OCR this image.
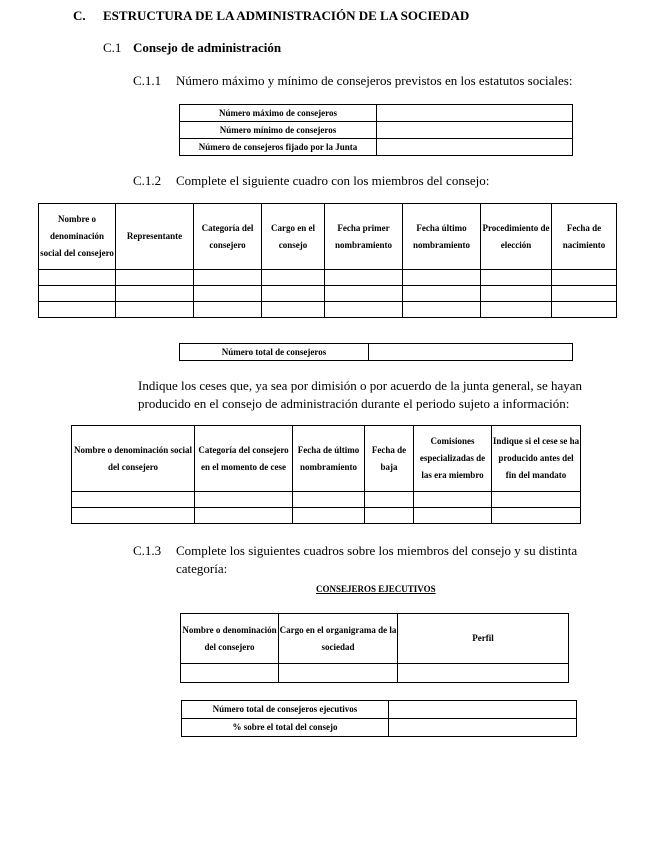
C. ESTRUCTURA DE LA ADMINISTRACIÓN DE LA SOCIEDAD
C.1 Consejo de administración
C.1.1 Número máximo y mínimo de consejeros previstos en los estatutos sociales:
Número máximo de consejeros	
Número mínimo de consejeros	
Número de consejeros fijado por la Junta	
C.1.2 Complete el siguiente cuadro con los miembros del consejo:
Nombre o denominación social del consejero	Representante	Categoría del consejero	Cargo en el consejo	Fecha primer nombramiento	Fecha último nombramiento	Procedimiento de elección	Fecha de nacimiento

Número total de consejeros	
Indique los ceses que, ya sea por dimisión o por acuerdo de la junta general, se hayan
producido en el consejo de administración durante el periodo sujeto a información:
Nombre o denominación social del consejero	Categoría del consejero en el momento de cese	Fecha de último nombramiento	Fecha de baja	Comisiones especializadas de las era miembro	Indique si el cese se ha producido antes del fin del mandato

C.1.3 Complete los siguientes cuadros sobre los miembros del consejo y su distinta
categoría:
CONSEJEROS EJECUTIVOS
Nombre o denominación del consejero	Cargo en el organigrama de la sociedad	Perfil

Número total de consejeros ejecutivos	
% sobre el total del consejo	
